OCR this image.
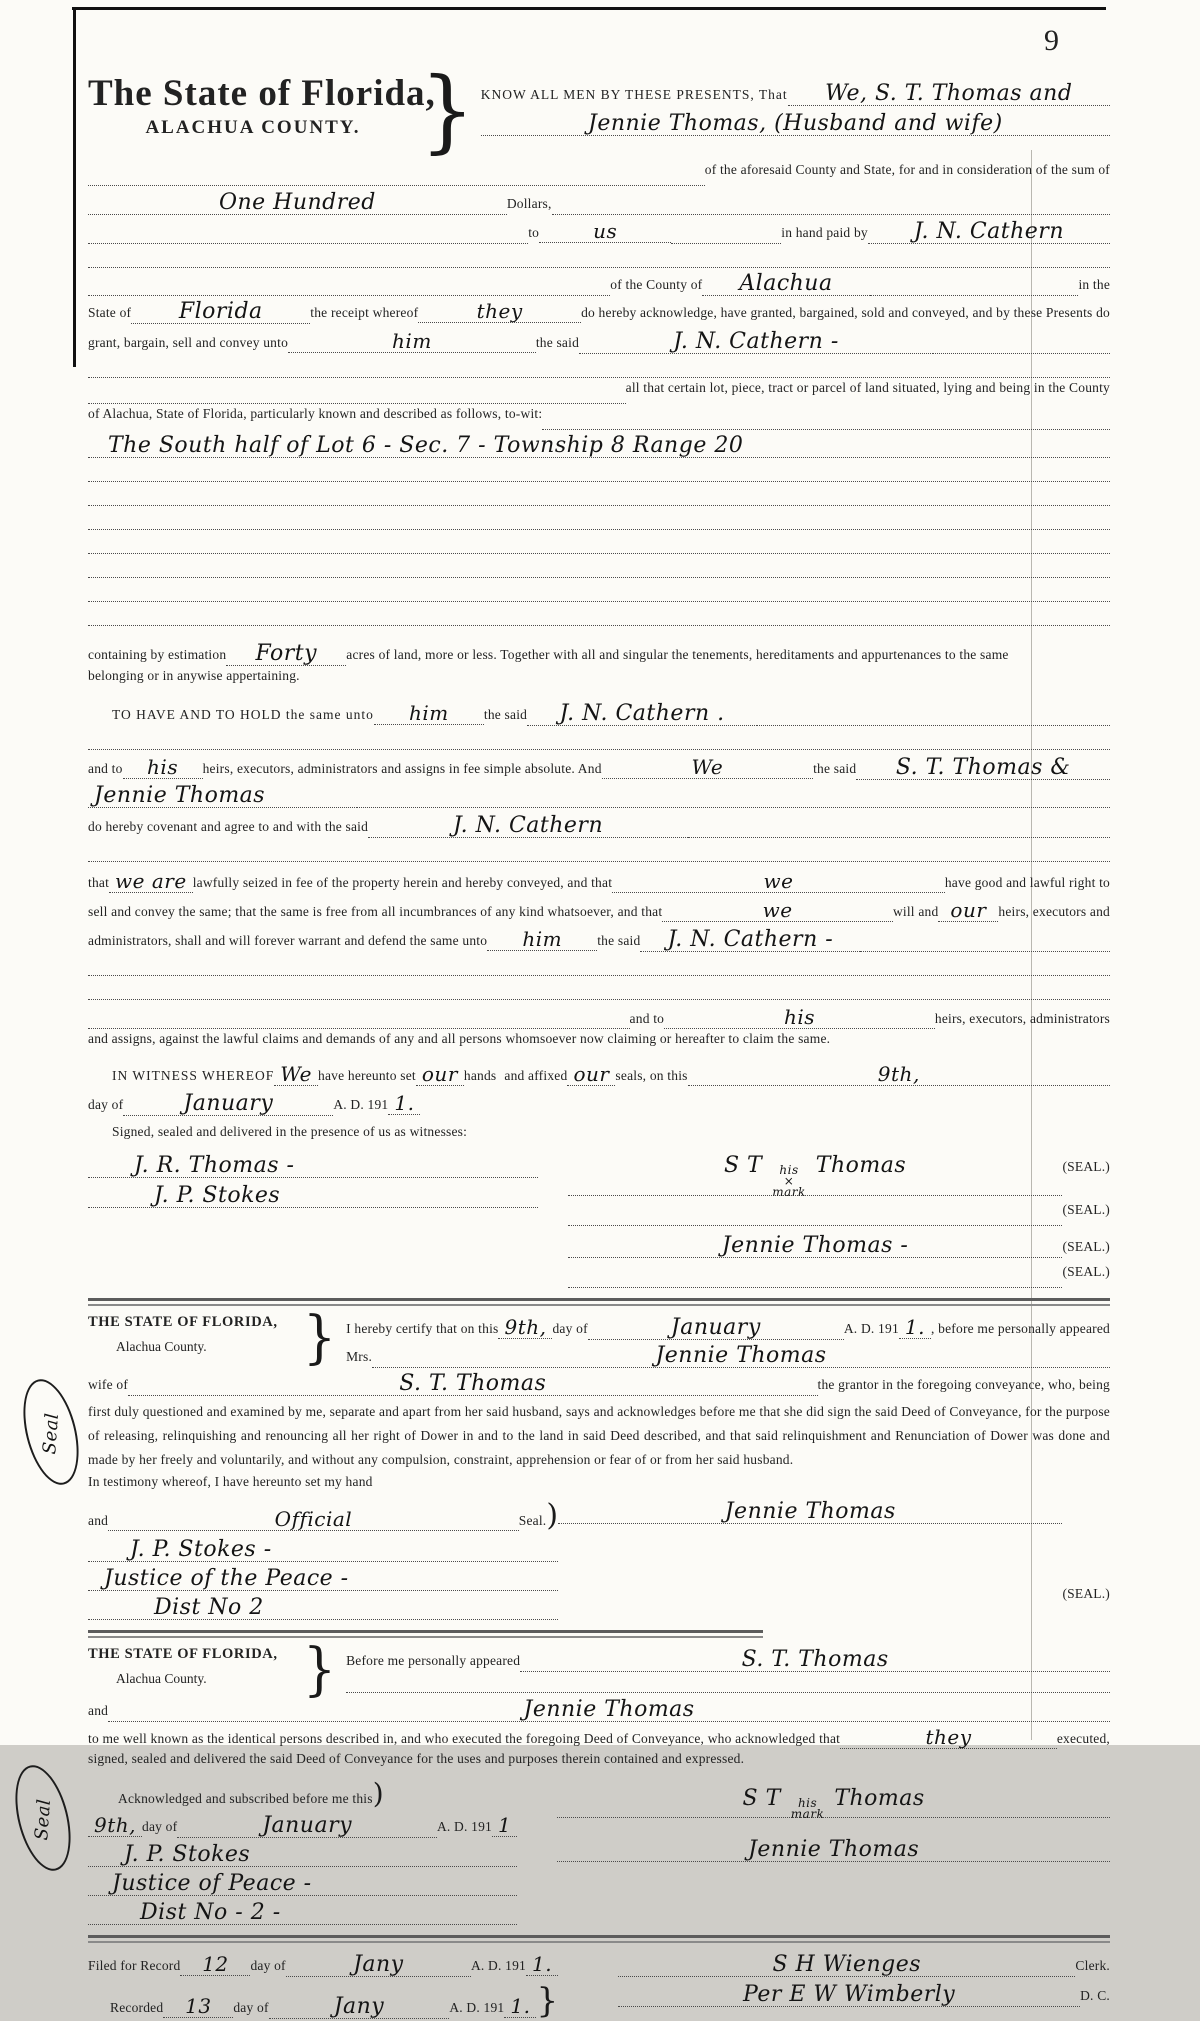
9
The State of Florida,
ALACHUA COUNTY. } KNOW ALL MEN BY THESE PRESENTS, That	We, S. T. Thomas and
Jennie Thomas, (Husband and wife)
of the aforesaid County and State, for and in consideration of the sum of
One Hundred	Dollars,
to	us	in hand paid by	J. N. Cathern
of the County of	Alachua	in the
State of	Florida	the receipt whereof	they	do hereby acknowledge, have granted, bargained, sold and conveyed, and by these Presents do
grant, bargain, sell and convey unto	him	the said	J. N. Cathern -
all that certain lot, piece, tract or parcel of land situated, lying and being in the County
of Alachua, State of Florida, particularly known and described as follows, to-wit:
The South half of Lot 6 - Sec. 7 - Township 8 Range 20
containing by estimation	Forty	acres of land, more or less. Together with all and singular the tenements, hereditaments and appurtenances to the same
belonging or in anywise appertaining.
TO HAVE AND TO HOLD the same unto	him	the said	J. N. Cathern .
and to	his	heirs, executors, administrators and assigns in fee simple absolute. And	We	the said	S. T. Thomas &
Jennie Thomas
do hereby covenant and agree to and with the said	J. N. Cathern
that we are lawfully seized in fee of the property herein and hereby conveyed, and that	we	have good and lawful right to
sell and convey the same; that the same is free from all incumbrances of any kind whatsoever, and that	we	will and our heirs, executors and
administrators, shall and will forever warrant and defend the same unto	him	the said	J. N. Cathern -
and to	his	heirs, executors, administrators
and assigns, against the lawful claims and demands of any and all persons whomsoever now claiming or hereafter to claim the same.
IN WITNESS WHEREOF We have hereunto set our hands and affixed our seals , on this	9th,
day of	January	A. D. 191 1.
Signed, sealed and delivered in the presence of us as witnesses:
J. R. Thomas -
J. P. Stokes
S T his
×
mark
Thomas	(SEAL.)
(SEAL.)
Jennie Thomas -	(SEAL.)
(SEAL.)
THE STATE OF FLORIDA,
Alachua County.	} I hereby certify that on this 9th, day of	January	A. D. 191 1. , before me personally appeared
Mrs.	Jennie Thomas
wife of	S. T. Thomas	the grantor in the foregoing conveyance, who, being
first duly questioned and examined by me, separate and apart from her said husband, says and acknowledges before me that she did sign the said Deed of Conveyance, for the purpose of releasing, relinquishing and renouncing all her right of Dower in and to the land in said Deed described, and that said relinquishment and Renunciation of Dower was done and made by her freely and voluntarily, and without any compulsion, constraint, apprehension or fear of or from her said husband.
In testimony whereof, I have hereunto set my hand
and	Official	Seal. )
J. P. Stokes -
Justice of the Peace -
Dist No 2
Jennie Thomas
(SEAL.)
Seal
THE STATE OF FLORIDA,
Alachua County.	} Before me personally appeared	S. T. Thomas
and	Jennie Thomas
to me well known as the identical persons described in, and who executed the foregoing Deed of Conveyance, who acknowledged that	they	executed,
signed, sealed and delivered the said Deed of Conveyance for the uses and purposes therein contained and expressed.
Acknowledged and subscribed before me this )
9th, day of	January	A. D. 191 1
J. P. Stokes
Justice of Peace -
Dist No - 2 -
S T his
mark
Thomas
Jennie Thomas
Seal
Filed for Record	12	day of	Jany	A. D. 191 1.
Recorded	13	day of	Jany	A. D. 191 1. }
S H Wienges	Clerk.
Per E W Wimberly	D. C.
